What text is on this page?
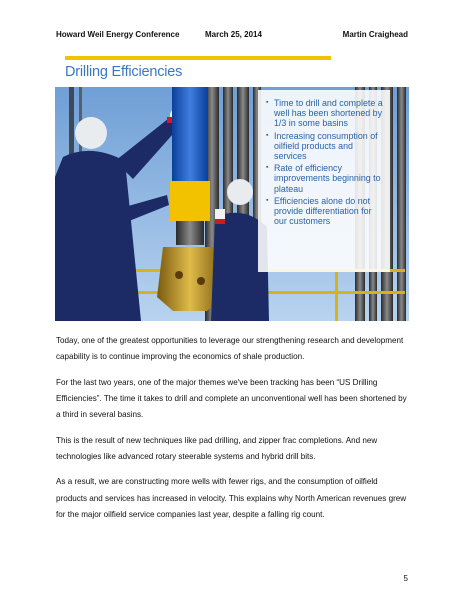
Howard Weil Energy Conference	March 25, 2014	Martin Craighead
Drilling Efficiencies
▪ Time to drill and complete a well has been shortened by 1/3 in some basins
▪ Increasing consumption of oilfield products and services
▪ Rate of efficiency improvements beginning to plateau
▪ Efficiencies alone do not provide differentiation for our customers

Today, one of the greatest opportunities to leverage our strengthening research and development capability is to continue improving the economics of shale production.

For the last two years, one of the major themes we've been tracking has been “US Drilling Efficiencies”. The time it takes to drill and complete an unconventional well has been shortened by a third in several basins.

This is the result of new techniques like pad drilling, and zipper frac completions. And new technologies like advanced rotary steerable systems and hybrid drill bits.

As a result, we are constructing more wells with fewer rigs, and the consumption of oilfield products and services has increased in velocity. This explains why North American revenues grew for the major oilfield service companies last year, despite a falling rig count.

5
